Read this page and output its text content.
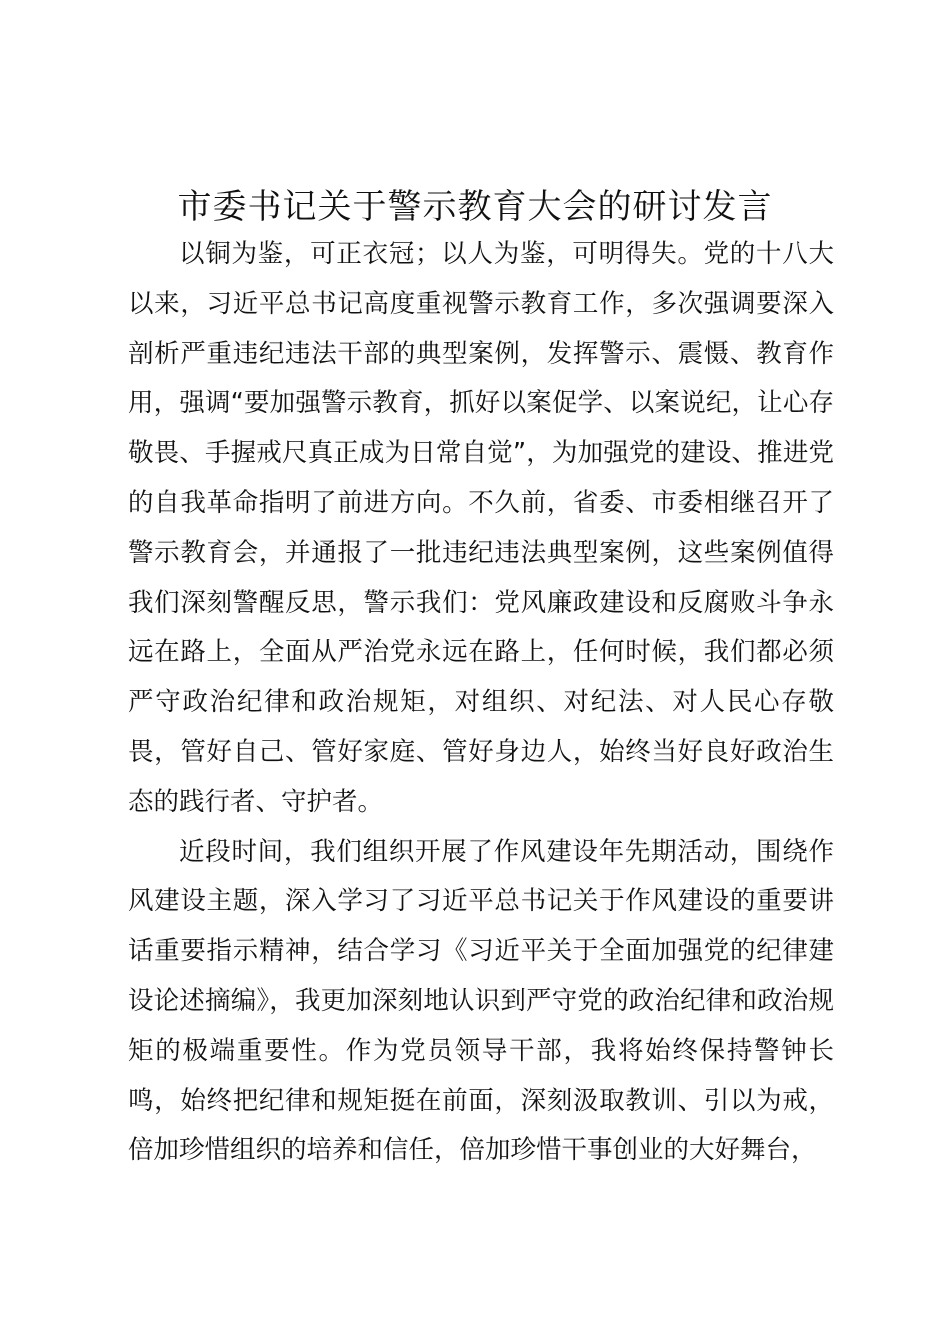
市委书记关于警示教育大会的研讨发言

以铜为鉴，可正衣冠；以人为鉴，可明得失。党的十八大以来，习近平总书记高度重视警示教育工作，多次强调要深入剖析严重违纪违法干部的典型案例，发挥警示、震慑、教育作用，强调“要加强警示教育，抓好以案促学、以案说纪，让心存敬畏、手握戒尺真正成为日常自觉”，为加强党的建设、推进党的自我革命指明了前进方向。不久前，省委、市委相继召开了警示教育会，并通报了一批违纪违法典型案例，这些案例值得我们深刻警醒反思，警示我们：党风廉政建设和反腐败斗争永远在路上，全面从严治党永远在路上，任何时候，我们都必须严守政治纪律和政治规矩，对组织、对纪法、对人民心存敬畏，管好自己、管好家庭、管好身边人，始终当好良好政治生态的践行者、守护者。

近段时间，我们组织开展了作风建设年先期活动，围绕作风建设主题，深入学习了习近平总书记关于作风建设的重要讲话重要指示精神，结合学习《习近平关于全面加强党的纪律建设论述摘编》，我更加深刻地认识到严守党的政治纪律和政治规矩的极端重要性。作为党员领导干部，我将始终保持警钟长鸣，始终把纪律和规矩挺在前面，深刻汲取教训、引以为戒，倍加珍惜组织的培养和信任，倍加珍惜干事创业的大好舞台，
